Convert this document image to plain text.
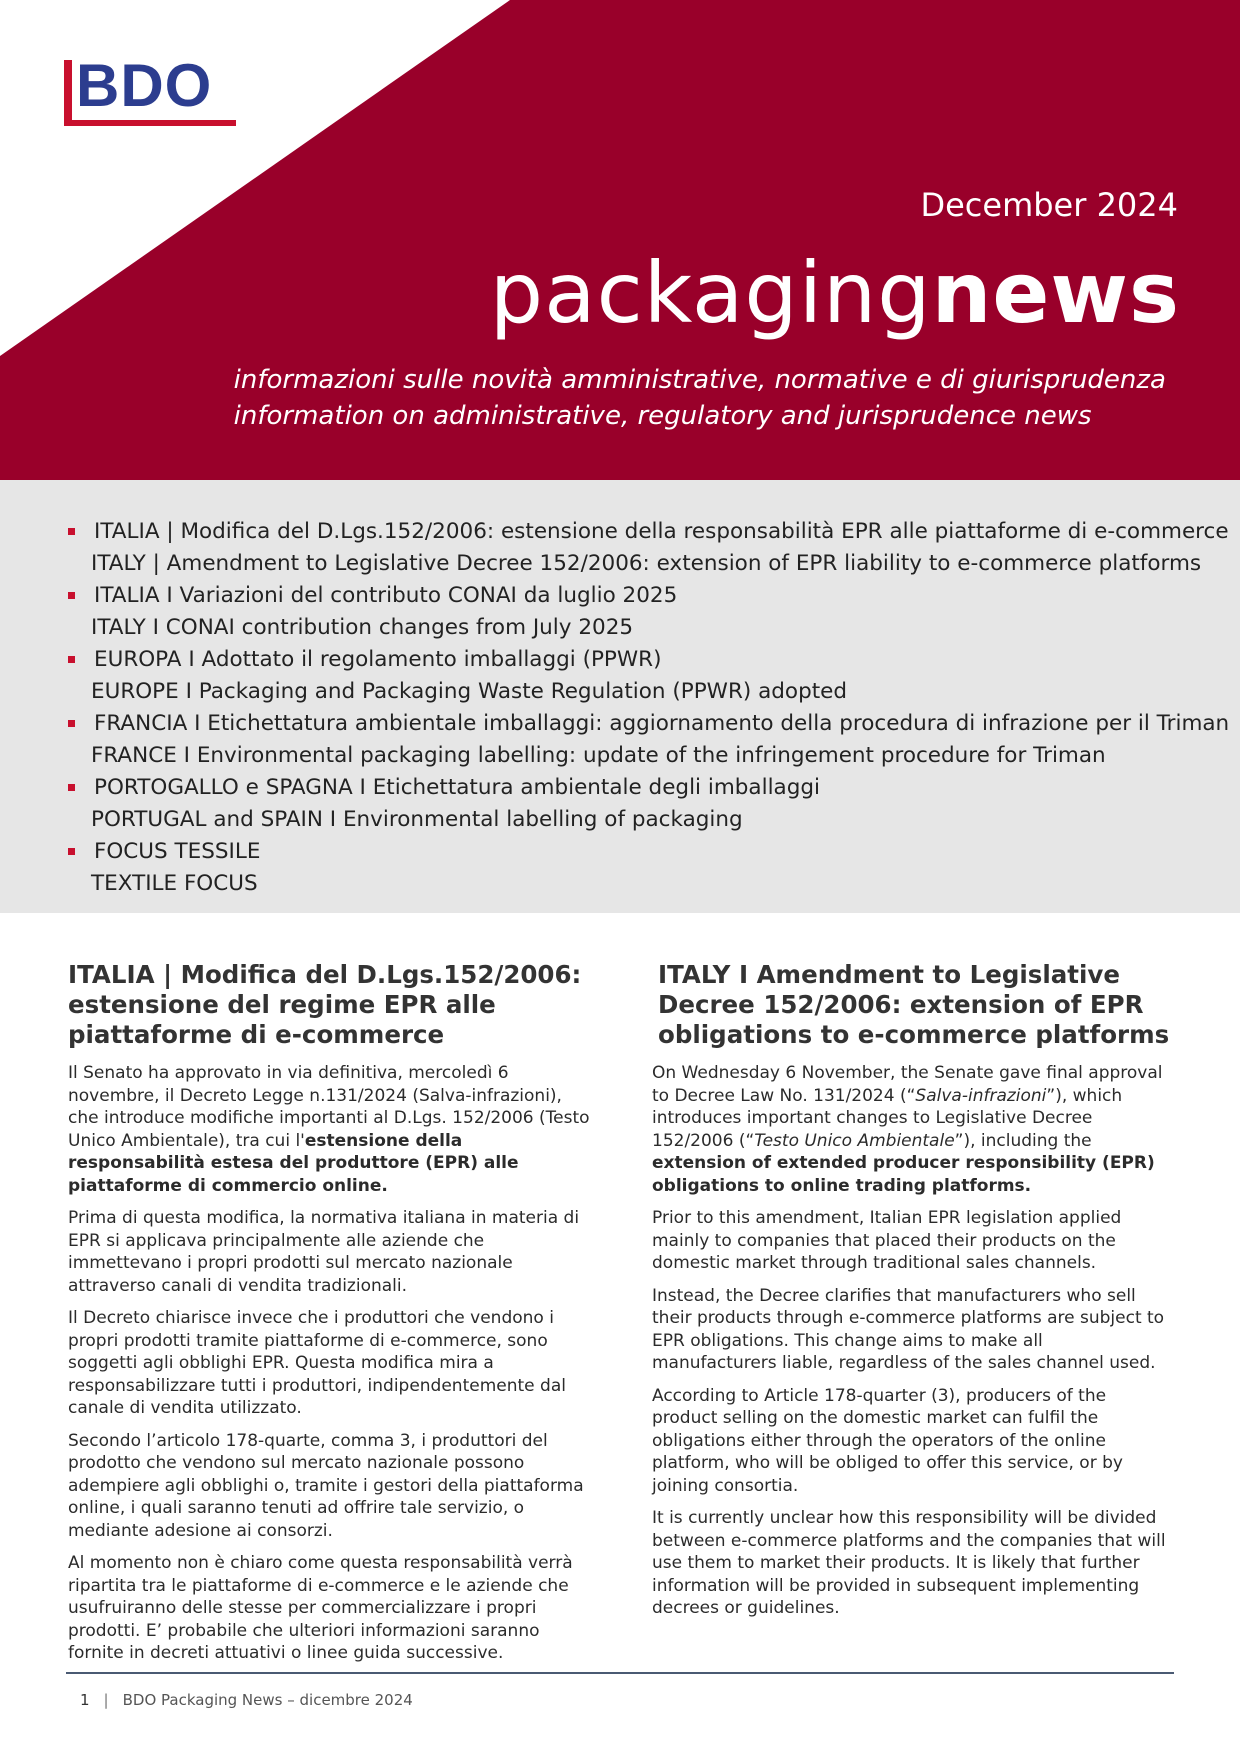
BDO
December 2024
packagingnews
informazioni sulle novità amministrative, normative e di giurisprudenza
information on administrative, regulatory and jurisprudence news
ITALIA | Modifica del D.Lgs.152/2006: estensione della responsabilità EPR alle piattaforme di e-commerce
ITALY | Amendment to Legislative Decree 152/2006: extension of EPR liability to e-commerce platforms
ITALIA I Variazioni del contributo CONAI da luglio 2025
ITALY I CONAI contribution changes from July 2025
EUROPA I Adottato il regolamento imballaggi (PPWR)
EUROPE I Packaging and Packaging Waste Regulation (PPWR) adopted
FRANCIA I Etichettatura ambientale imballaggi: aggiornamento della procedura di infrazione per il Triman
FRANCE I Environmental packaging labelling: update of the infringement procedure for Triman
PORTOGALLO e SPAGNA I Etichettatura ambientale degli imballaggi
PORTUGAL and SPAIN I Environmental labelling of packaging
FOCUS TESSILE
TEXTILE FOCUS
ITALIA | Modifica del D.Lgs.152/2006: estensione del regime EPR alle piattaforme di e-commerce

Il Senato ha approvato in via definitiva, mercoledì 6 novembre, il Decreto Legge n.131/2024 (Salva-infrazioni), che introduce modifiche importanti al D.Lgs. 152/2006 (Testo Unico Ambientale), tra cui l'estensione della responsabilità estesa del produttore (EPR) alle piattaforme di commercio online.

Prima di questa modifica, la normativa italiana in materia di EPR si applicava principalmente alle aziende che immettevano i propri prodotti sul mercato nazionale attraverso canali di vendita tradizionali.

Il Decreto chiarisce invece che i produttori che vendono i propri prodotti tramite piattaforme di e-commerce, sono soggetti agli obblighi EPR. Questa modifica mira a responsabilizzare tutti i produttori, indipendentemente dal canale di vendita utilizzato.

Secondo l’articolo 178-quarte, comma 3, i produttori del prodotto che vendono sul mercato nazionale possono adempiere agli obblighi o, tramite i gestori della piattaforma online, i quali saranno tenuti ad offrire tale servizio, o mediante adesione ai consorzi.

Al momento non è chiaro come questa responsabilità verrà ripartita tra le piattaforme di e-commerce e le aziende che usufruiranno delle stesse per commercializzare i propri prodotti. E’ probabile che ulteriori informazioni saranno fornite in decreti attuativi o linee guida successive.

ITALY I Amendment to Legislative Decree 152/2006: extension of EPR obligations to e-commerce platforms

On Wednesday 6 November, the Senate gave final approval to Decree Law No. 131/2024 (“Salva-infrazioni”), which introduces important changes to Legislative Decree 152/2006 (“Testo Unico Ambientale”), including the extension of extended producer responsibility (EPR) obligations to online trading platforms.

Prior to this amendment, Italian EPR legislation applied mainly to companies that placed their products on the domestic market through traditional sales channels.

Instead, the Decree clarifies that manufacturers who sell their products through e-commerce platforms are subject to EPR obligations. This change aims to make all manufacturers liable, regardless of the sales channel used.

According to Article 178-quarter (3), producers of the product selling on the domestic market can fulfil the obligations either through the operators of the online platform, who will be obliged to offer this service, or by joining consortia.

It is currently unclear how this responsibility will be divided between e-commerce platforms and the companies that will use them to market their products. It is likely that further information will be provided in subsequent implementing decrees or guidelines.

1 | BDO Packaging News – dicembre 2024
